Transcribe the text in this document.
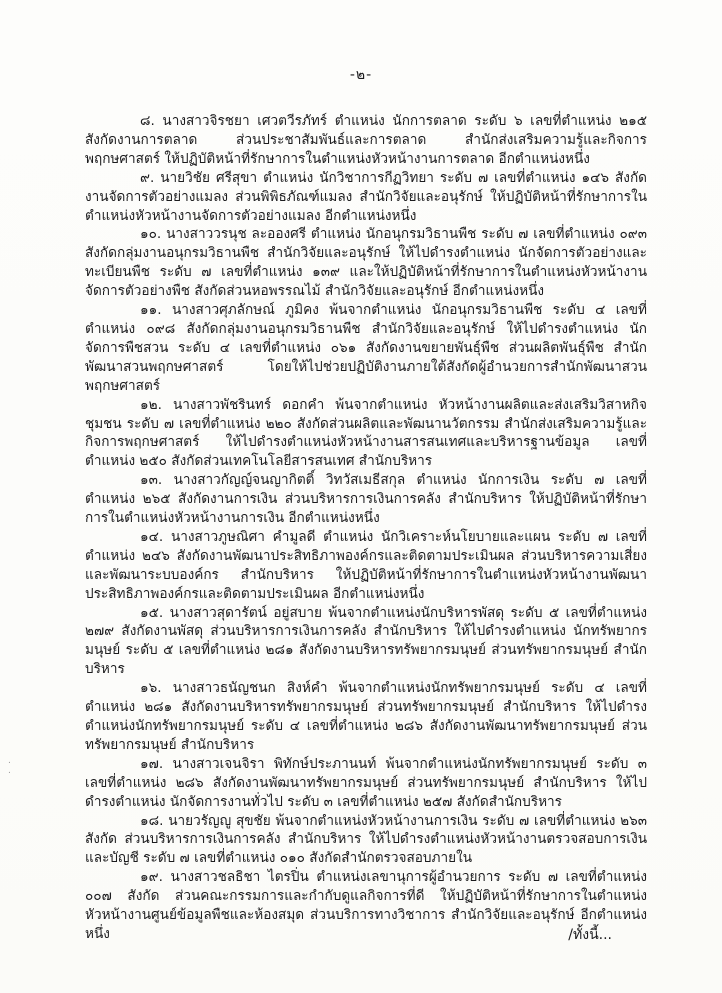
-๒-

๘. นางสาวจิรชยา เศวตวีรภัทร์ ตำแหน่ง นักการตลาด ระดับ ๖ เลขที่ตำแหน่ง ๒๑๕ สังกัดงานการตลาด ส่วนประชาสัมพันธ์และการตลาด สำนักส่งเสริมความรู้และกิจการพฤกษศาสตร์ ให้ปฏิบัติหน้าที่รักษาการในตำแหน่งหัวหน้างานการตลาด อีกตำแหน่งหนึ่ง

๙. นายวิชัย ศรีสุขา ตำแหน่ง นักวิชาการกีฏวิทยา ระดับ ๗ เลขที่ตำแหน่ง ๑๔๖ สังกัดงานจัดการตัวอย่างแมลง ส่วนพิพิธภัณฑ์แมลง สำนักวิจัยและอนุรักษ์ ให้ปฏิบัติหน้าที่รักษาการในตำแหน่งหัวหน้างานจัดการตัวอย่างแมลง อีกตำแหน่งหนึ่ง

๑๐. นางสาววรนุช ละอองศรี ตำแหน่ง นักอนุกรมวิธานพืช ระดับ ๗ เลขที่ตำแหน่ง ๐๙๓ สังกัดกลุ่มงานอนุกรมวิธานพืช สำนักวิจัยและอนุรักษ์ ให้ไปดำรงตำแหน่ง นักจัดการตัวอย่างและทะเบียนพืช ระดับ ๗ เลขที่ตำแหน่ง ๑๓๙ และให้ปฏิบัติหน้าที่รักษาการในตำแหน่งหัวหน้างานจัดการตัวอย่างพืช สังกัดส่วนหอพรรณไม้ สำนักวิจัยและอนุรักษ์ อีกตำแหน่งหนึ่ง

๑๑. นางสาวศุภลักษณ์ ภูมิคง พ้นจากตำแหน่ง นักอนุกรมวิธานพืช ระดับ ๔ เลขที่ตำแหน่ง ๐๙๘ สังกัดกลุ่มงานอนุกรมวิธานพืช สำนักวิจัยและอนุรักษ์ ให้ไปดำรงตำแหน่ง นักจัดการพืชสวน ระดับ ๔ เลขที่ตำแหน่ง ๐๖๑ สังกัดงานขยายพันธุ์พืช ส่วนผลิตพันธุ์พืช สำนักพัฒนาสวนพฤกษศาสตร์ โดยให้ไปช่วยปฏิบัติงานภายใต้สังกัดผู้อำนวยการสำนักพัฒนาสวนพฤกษศาสตร์

๑๒. นางสาวพัชรินทร์ ดอกคำ พ้นจากตำแหน่ง หัวหน้างานผลิตและส่งเสริมวิสาหกิจชุมชน ระดับ ๗ เลขที่ตำแหน่ง ๒๒๐ สังกัดส่วนผลิตและพัฒนานวัตกรรม สำนักส่งเสริมความรู้และกิจการพฤกษศาสตร์ ให้ไปดำรงตำแหน่งหัวหน้างานสารสนเทศและบริหารฐานข้อมูล เลขที่ตำแหน่ง ๒๕๐ สังกัดส่วนเทคโนโลยีสารสนเทศ สำนักบริหาร

๑๓. นางสาวกัญญ์จนญากิตติ์ วิทวัสเมธีสกุล ตำแหน่ง นักการเงิน ระดับ ๗ เลขที่ตำแหน่ง ๒๖๕ สังกัดงานการเงิน ส่วนบริหารการเงินการคลัง สำนักบริหาร ให้ปฏิบัติหน้าที่รักษาการในตำแหน่งหัวหน้างานการเงิน อีกตำแหน่งหนึ่ง

๑๔. นางสาวภูษณิศา คำมูลดี ตำแหน่ง นักวิเคราะห์นโยบายและแผน ระดับ ๗ เลขที่ตำแหน่ง ๒๔๖ สังกัดงานพัฒนาประสิทธิภาพองค์กรและติดตามประเมินผล ส่วนบริหารความเสี่ยงและพัฒนาระบบองค์กร สำนักบริหาร ให้ปฏิบัติหน้าที่รักษาการในตำแหน่งหัวหน้างานพัฒนาประสิทธิภาพองค์กรและติดตามประเมินผล อีกตำแหน่งหนึ่ง

๑๕. นางสาวสุดารัตน์ อยู่สบาย พ้นจากตำแหน่งนักบริหารพัสดุ ระดับ ๕ เลขที่ตำแหน่ง ๒๗๙ สังกัดงานพัสดุ ส่วนบริหารการเงินการคลัง สำนักบริหาร ให้ไปดำรงตำแหน่ง นักทรัพยากรมนุษย์ ระดับ ๕ เลขที่ตำแหน่ง ๒๘๑ สังกัดงานบริหารทรัพยากรมนุษย์ ส่วนทรัพยากรมนุษย์ สำนักบริหาร

๑๖. นางสาวธนัญชนก สิงห์คำ พ้นจากตำแหน่งนักทรัพยากรมนุษย์ ระดับ ๔ เลขที่ตำแหน่ง ๒๘๑ สังกัดงานบริหารทรัพยากรมนุษย์ ส่วนทรัพยากรมนุษย์ สำนักบริหาร ให้ไปดำรงตำแหน่งนักทรัพยากรมนุษย์ ระดับ ๔ เลขที่ตำแหน่ง ๒๘๖ สังกัดงานพัฒนาทรัพยากรมนุษย์ ส่วนทรัพยากรมนุษย์ สำนักบริหาร

๑๗. นางสาวเจนจิรา พิทักษ์ประภานนท์ พ้นจากตำแหน่งนักทรัพยากรมนุษย์ ระดับ ๓ เลขที่ตำแหน่ง ๒๘๖ สังกัดงานพัฒนาทรัพยากรมนุษย์ ส่วนทรัพยากรมนุษย์ สำนักบริหาร ให้ไปดำรงตำแหน่ง นักจัดการงานทั่วไป ระดับ ๓ เลขที่ตำแหน่ง ๒๕๗ สังกัดสำนักบริหาร

๑๘. นายวรัญญู สุขชัย พ้นจากตำแหน่งหัวหน้างานการเงิน ระดับ ๗ เลขที่ตำแหน่ง ๒๖๓ สังกัด ส่วนบริหารการเงินการคลัง สำนักบริหาร ให้ไปดำรงตำแหน่งหัวหน้างานตรวจสอบการเงินและบัญชี ระดับ ๗ เลขที่ตำแหน่ง ๐๑๐ สังกัดสำนักตรวจสอบภายใน

๑๙. นางสาวชลธิชา ไตรปิ่น ตำแหน่งเลขานุการผู้อำนวยการ ระดับ ๗ เลขที่ตำแหน่ง ๐๐๗ สังกัด ส่วนคณะกรรมการและกำกับดูแลกิจการที่ดี ให้ปฏิบัติหน้าที่รักษาการในตำแหน่งหัวหน้างานศูนย์ข้อมูลพืชและห้องสมุด ส่วนบริการทางวิชาการ สำนักวิจัยและอนุรักษ์ อีกตำแหน่งหนึ่ง	/ทั้งนี้...
.
.
